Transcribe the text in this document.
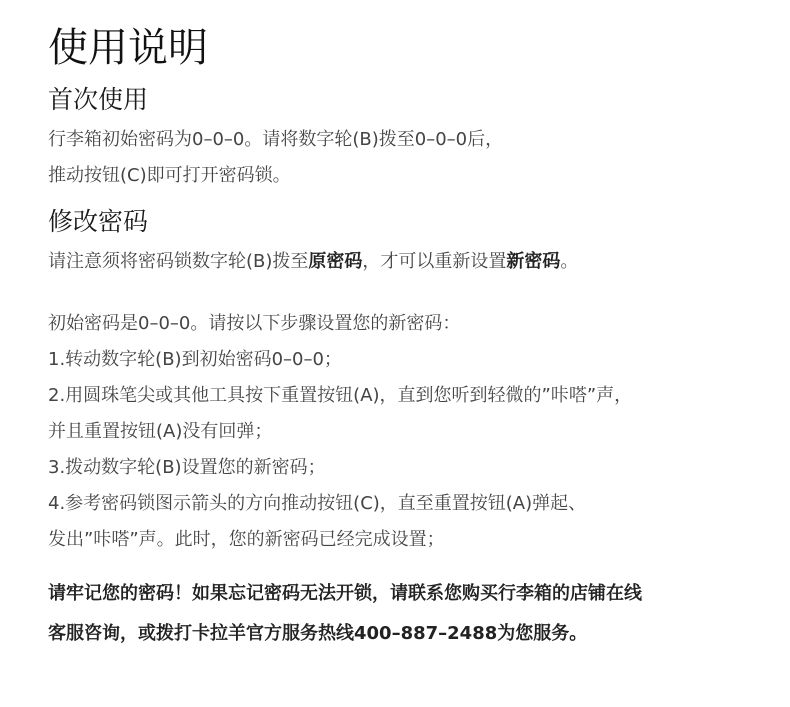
使用说明
首次使用

行李箱初始密码为0–0–0。请将数字轮(B)拨至0–0–0后，

推动按钮(C)即可打开密码锁。

修改密码

请注意须将密码锁数字轮(B)拨至原密码，才可以重新设置新密码。

初始密码是0–0–0。请按以下步骤设置您的新密码：

1.转动数字轮(B)到初始密码0–0–0；

2.用圆珠笔尖或其他工具按下重置按钮(A)，直到您听到轻微的”咔嗒”声，

并且重置按钮(A)没有回弹；

3.拨动数字轮(B)设置您的新密码；

4.参考密码锁图示箭头的方向推动按钮(C)，直至重置按钮(A)弹起、

发出”咔嗒”声。此时，您的新密码已经完成设置；

请牢记您的密码！如果忘记密码无法开锁，请联系您购买行李箱的店铺在线

客服咨询，或拨打卡拉羊官方服务热线400–887–2488为您服务。
